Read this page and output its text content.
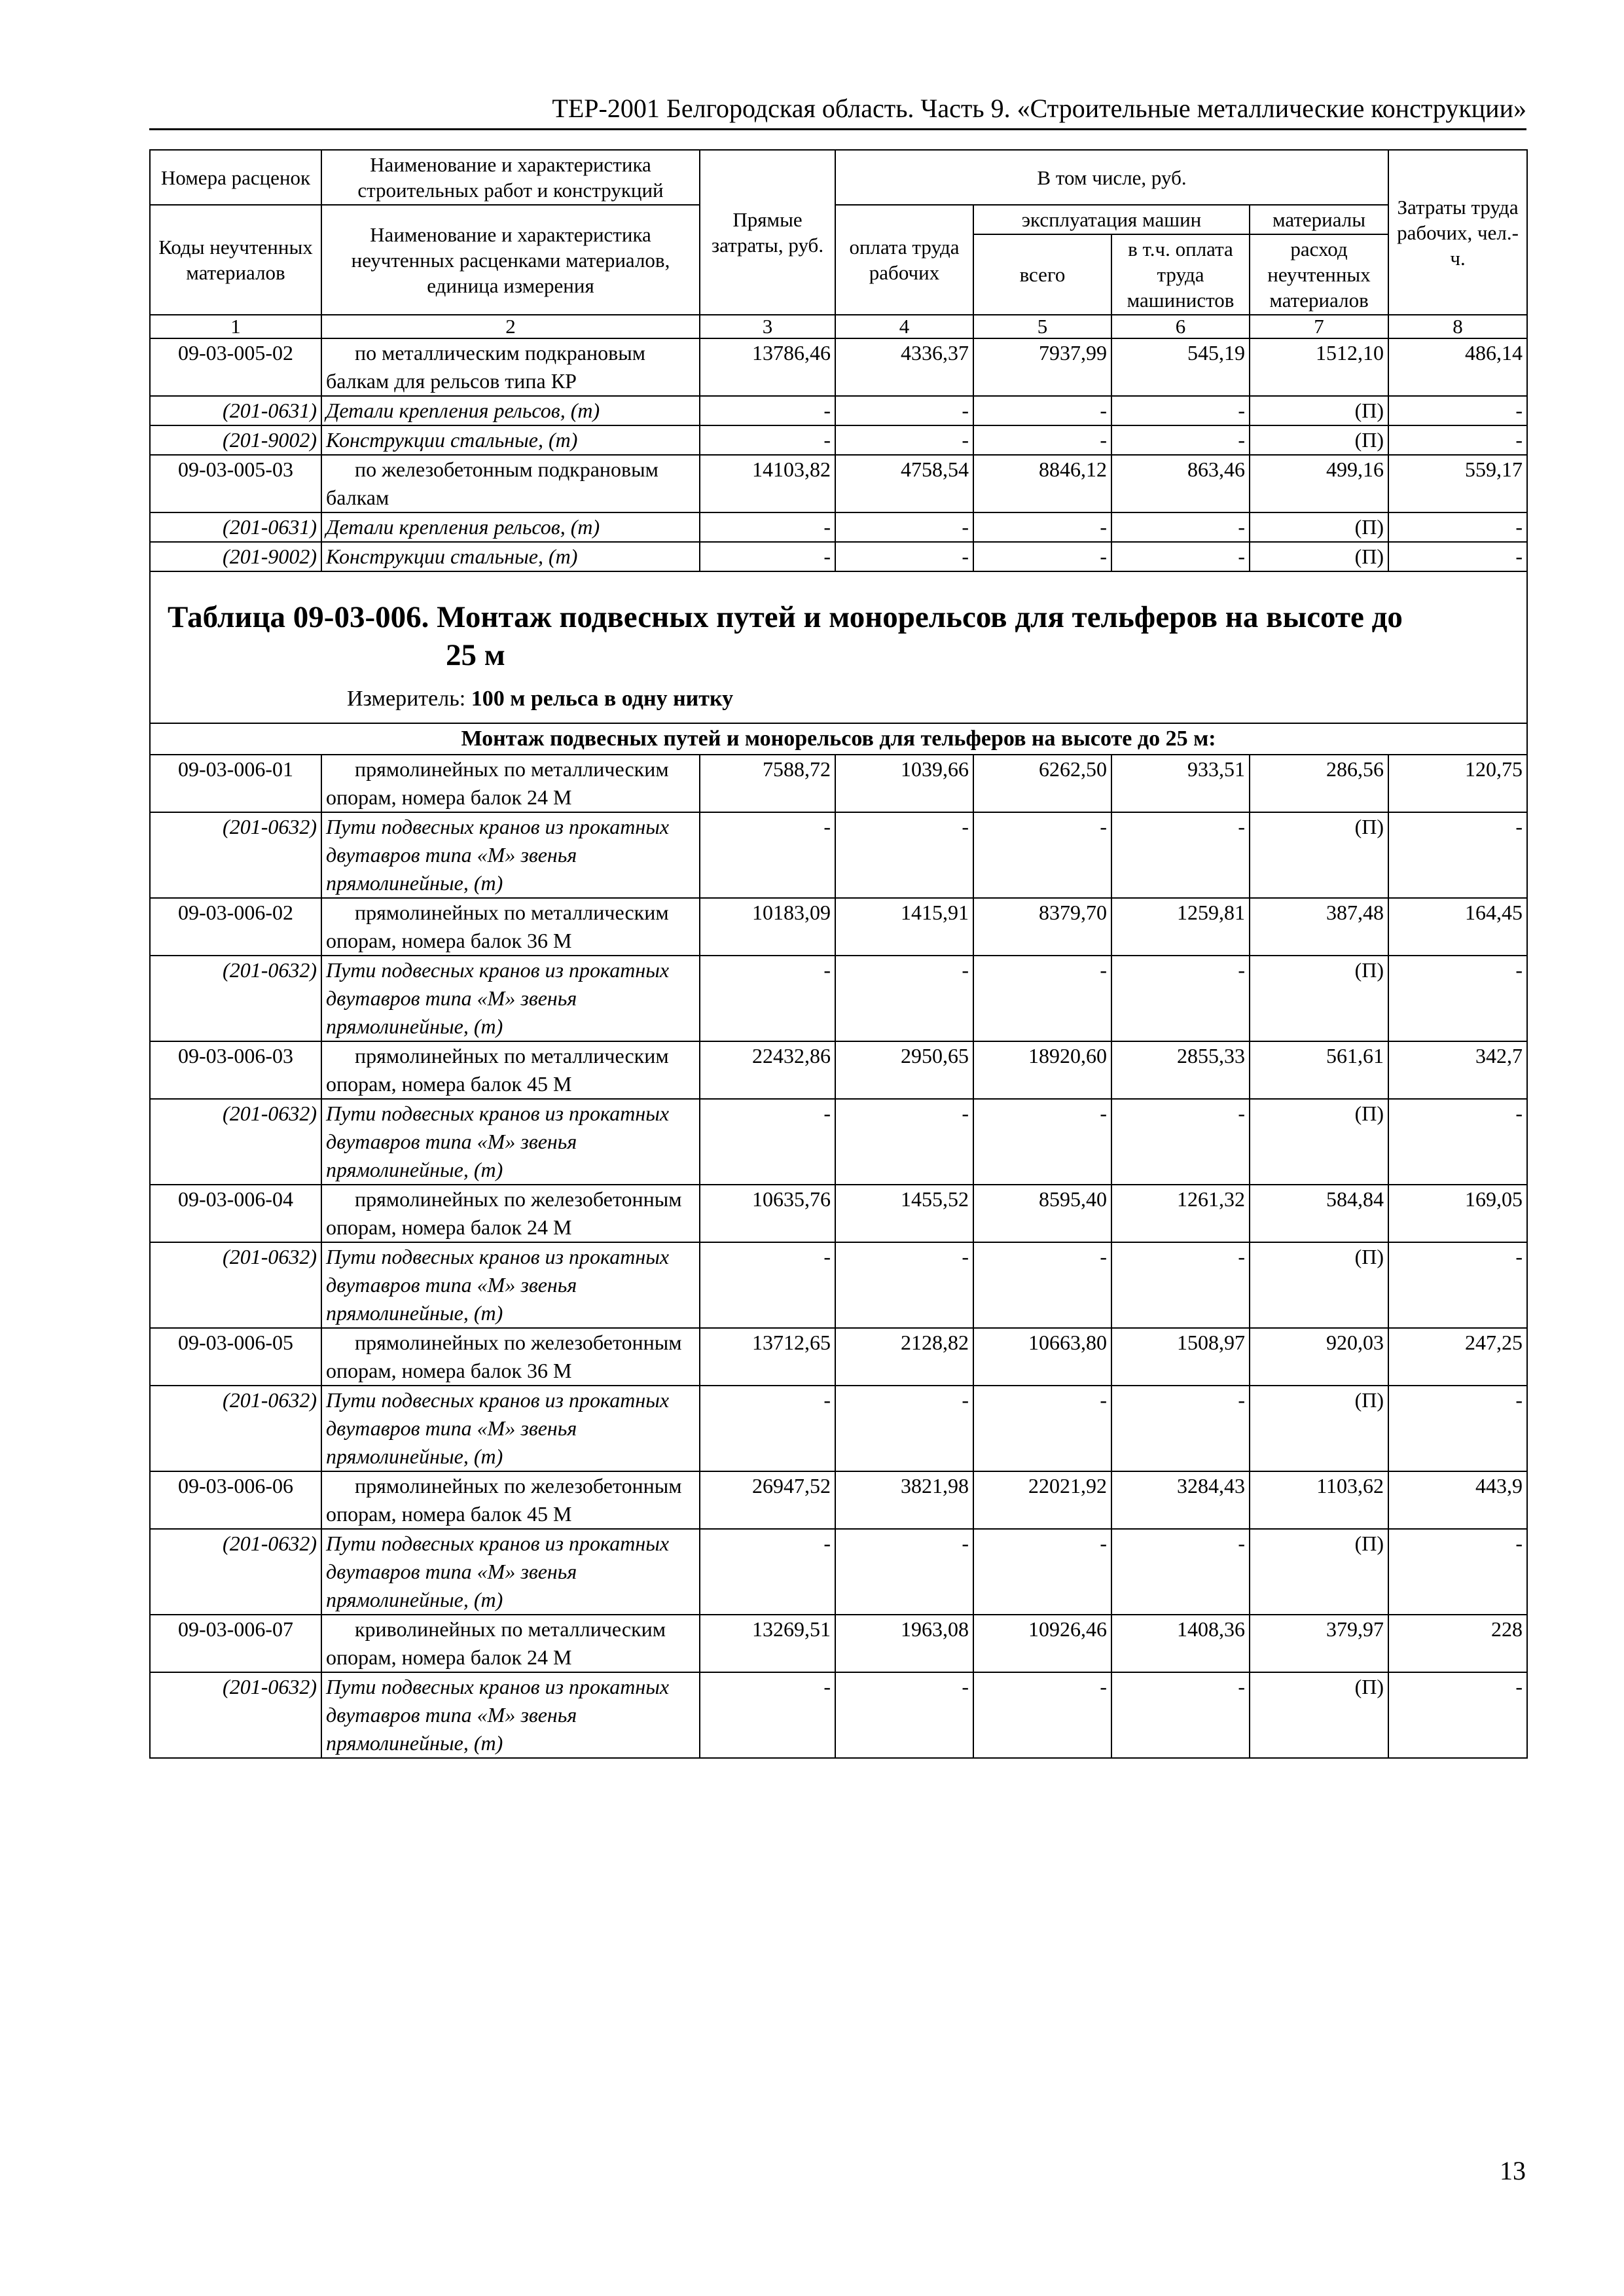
ТЕР-2001 Белгородская область. Часть 9. «Строительные металлические конструкции»
Номера расценок	Наименование и характеристика строительных работ и конструкций	Прямые затраты, руб.	В том числе, руб.				Затраты труда рабочих, чел.-ч.
Коды неучтенных материалов	Наименование и характеристика неучтенных расценками материалов, единица измерения		оплата труда рабочих	эксплуатация машин		материалы	
				всего	в т.ч. оплата труда машинистов	расход неучтенных материалов	
1	2	3	4	5	6	7	8
09-03-005-02	по металлическим подкрановым балкам для рельсов типа КР	13786,46	4336,37	7937,99	545,19	1512,10	486,14
(201-0631)	Детали крепления рельсов, (т)	-	-	-	-	(П)	-
(201-9002)	Конструкции стальные, (т)	-	-	-	-	(П)	-
09-03-005-03	по железобетонным подкрановым балкам	14103,82	4758,54	8846,12	863,46	499,16	559,17
(201-0631)	Детали крепления рельсов, (т)	-	-	-	-	(П)	-
(201-9002)	Конструкции стальные, (т)	-	-	-	-	(П)	-

Таблица 09-03-006. Монтаж подвесных путей и монорельсов для тельферов на высоте до
25 м
Измеритель: 100 м рельса в одну нитку							

Монтаж подвесных путей и монорельсов для тельферов на высоте до 25 м:							
09-03-006-01	прямолинейных по металлическим опорам, номера балок 24 М	7588,72	1039,66	6262,50	933,51	286,56	120,75
(201-0632)	Пути подвесных кранов из прокатных двутавров типа «М» звенья прямолинейные, (т)	-	-	-	-	(П)	-
09-03-006-02	прямолинейных по металлическим опорам, номера балок 36 М	10183,09	1415,91	8379,70	1259,81	387,48	164,45
(201-0632)	Пути подвесных кранов из прокатных двутавров типа «М» звенья прямолинейные, (т)	-	-	-	-	(П)	-
09-03-006-03	прямолинейных по металлическим опорам, номера балок 45 М	22432,86	2950,65	18920,60	2855,33	561,61	342,7
(201-0632)	Пути подвесных кранов из прокатных двутавров типа «М» звенья прямолинейные, (т)	-	-	-	-	(П)	-
09-03-006-04	прямолинейных по железобетонным опорам, номера балок 24 М	10635,76	1455,52	8595,40	1261,32	584,84	169,05
(201-0632)	Пути подвесных кранов из прокатных двутавров типа «М» звенья прямолинейные, (т)	-	-	-	-	(П)	-
09-03-006-05	прямолинейных по железобетонным опорам, номера балок 36 М	13712,65	2128,82	10663,80	1508,97	920,03	247,25
(201-0632)	Пути подвесных кранов из прокатных двутавров типа «М» звенья прямолинейные, (т)	-	-	-	-	(П)	-
09-03-006-06	прямолинейных по железобетонным опорам, номера балок 45 М	26947,52	3821,98	22021,92	3284,43	1103,62	443,9
(201-0632)	Пути подвесных кранов из прокатных двутавров типа «М» звенья прямолинейные, (т)	-	-	-	-	(П)	-
09-03-006-07	криволинейных по металлическим опорам, номера балок 24 М	13269,51	1963,08	10926,46	1408,36	379,97	228
(201-0632)	Пути подвесных кранов из прокатных двутавров типа «М» звенья прямолинейные, (т)	-	-	-	-	(П)	-
13
